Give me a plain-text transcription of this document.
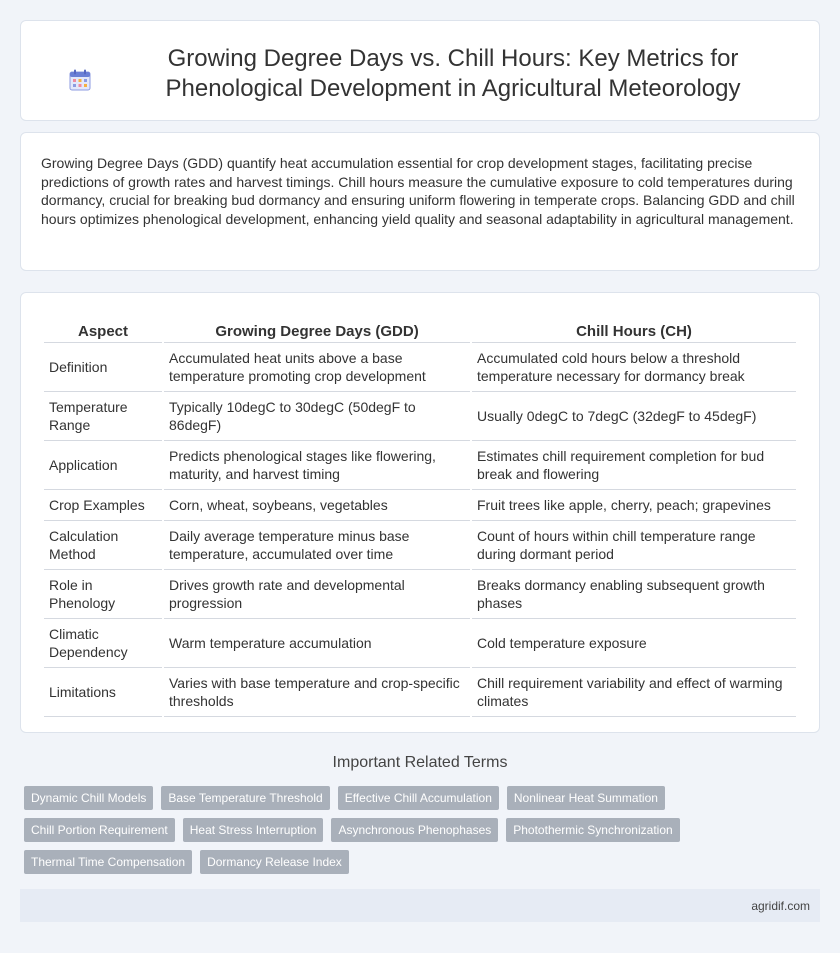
Growing Degree Days vs. Chill Hours: Key Metrics for Phenological Development in Agricultural Meteorology

Growing Degree Days (GDD) quantify heat accumulation essential for crop development stages, facilitating precise predictions of growth rates and harvest timings. Chill hours measure the cumulative exposure to cold temperatures during dormancy, crucial for breaking bud dormancy and ensuring uniform flowering in temperate crops. Balancing GDD and chill hours optimizes phenological development, enhancing yield quality and seasonal adaptability in agricultural management.

Aspect	Growing Degree Days (GDD)	Chill Hours (CH)
Definition	Accumulated heat units above a base temperature promoting crop development	Accumulated cold hours below a threshold temperature necessary for dormancy break
Temperature Range	Typically 10degC to 30degC (50degF to 86degF)	Usually 0degC to 7degC (32degF to 45degF)
Application	Predicts phenological stages like flowering, maturity, and harvest timing	Estimates chill requirement completion for bud break and flowering
Crop Examples	Corn, wheat, soybeans, vegetables	Fruit trees like apple, cherry, peach; grapevines
Calculation Method	Daily average temperature minus base temperature, accumulated over time	Count of hours within chill temperature range during dormant period
Role in Phenology	Drives growth rate and developmental progression	Breaks dormancy enabling subsequent growth phases
Climatic Dependency	Warm temperature accumulation	Cold temperature exposure
Limitations	Varies with base temperature and crop-specific thresholds	Chill requirement variability and effect of warming climates
Important Related Terms
Dynamic Chill Models	Base Temperature Threshold	Effective Chill Accumulation	Nonlinear Heat Summation
Chill Portion Requirement	Heat Stress Interruption	Asynchronous Phenophases	Photothermic Synchronization
Thermal Time Compensation	Dormancy Release Index
agridif.com
